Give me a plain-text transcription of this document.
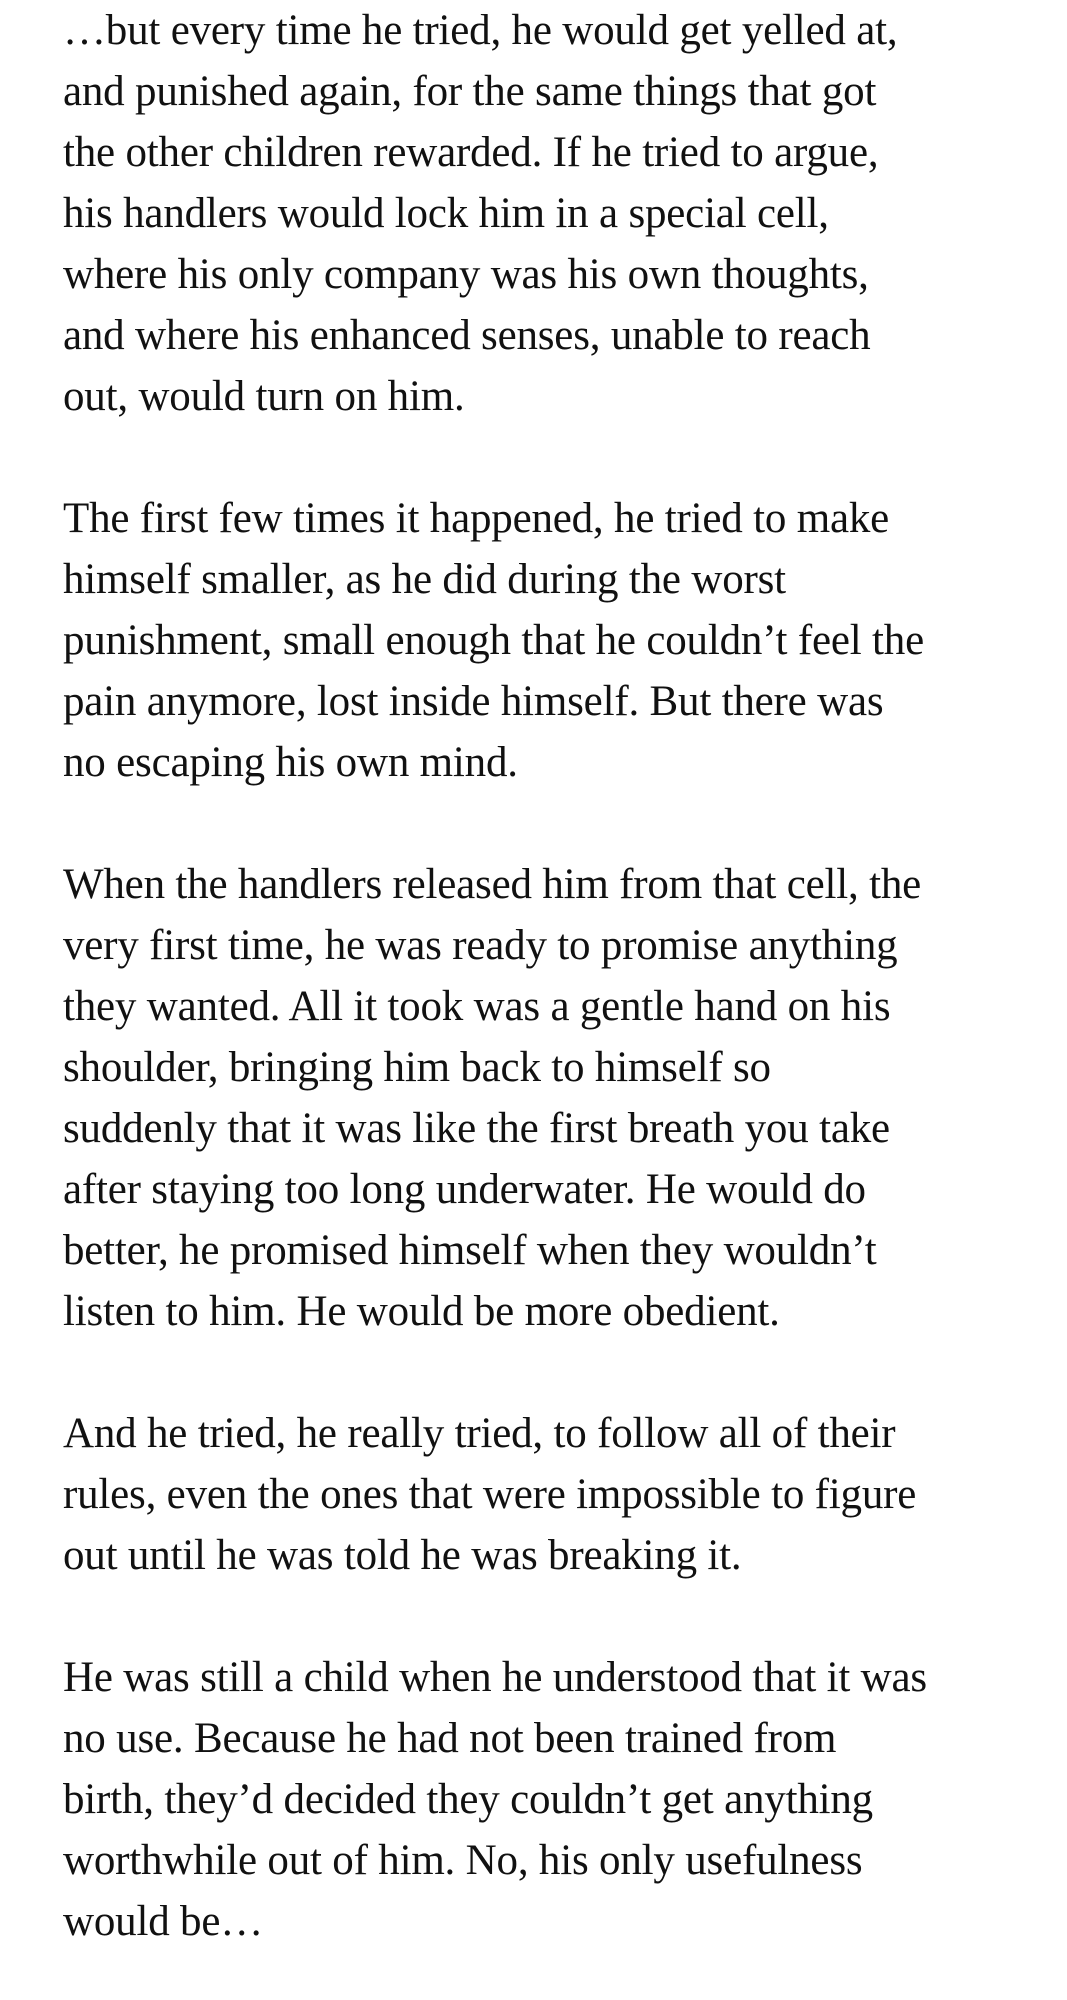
…but every time he tried, he would get yelled at,
and punished again, for the same things that got
the other children rewarded. If he tried to argue,
his handlers would lock him in a special cell,
where his only company was his own thoughts,
and where his enhanced senses, unable to reach
out, would turn on him.

The first few times it happened, he tried to make
himself smaller, as he did during the worst
punishment, small enough that he couldn’t feel the
pain anymore, lost inside himself. But there was
no escaping his own mind.

When the handlers released him from that cell, the
very first time, he was ready to promise anything
they wanted. All it took was a gentle hand on his
shoulder, bringing him back to himself so
suddenly that it was like the first breath you take
after staying too long underwater. He would do
better, he promised himself when they wouldn’t
listen to him. He would be more obedient.

And he tried, he really tried, to follow all of their
rules, even the ones that were impossible to figure
out until he was told he was breaking it.

He was still a child when he understood that it was
no use. Because he had not been trained from
birth, they’d decided they couldn’t get anything
worthwhile out of him. No, his only usefulness
would be…
